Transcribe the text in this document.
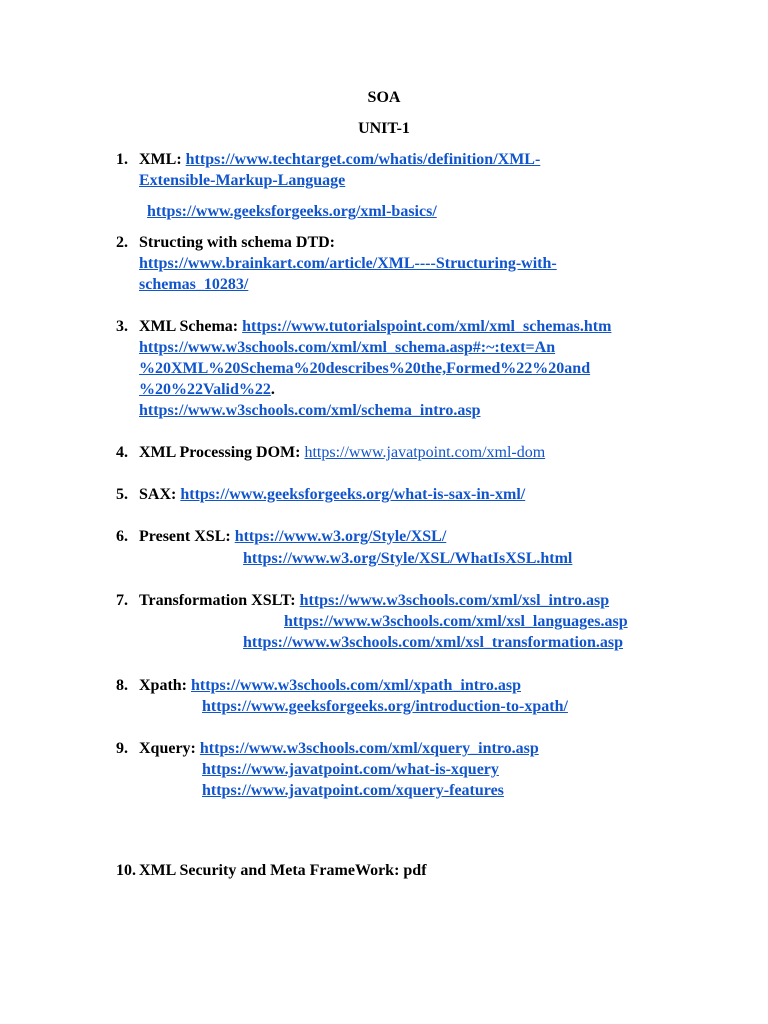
SOA
UNIT-1
1. XML: https://www.techtarget.com/whatis/definition/XML-
Extensible-Markup-Language
https://www.geeksforgeeks.org/xml-basics/
2. Structing with schema DTD:
https://www.brainkart.com/article/XML----Structuring-with-
schemas_10283/
3. XML Schema: https://www.tutorialspoint.com/xml/xml_schemas.htm
https://www.w3schools.com/xml/xml_schema.asp#:~:text=An
%20XML%20Schema%20describes%20the,Formed%22%20and
%20%22Valid%22.
https://www.w3schools.com/xml/schema_intro.asp
4. XML Processing DOM: https://www.javatpoint.com/xml-dom
5. SAX: https://www.geeksforgeeks.org/what-is-sax-in-xml/
6. Present XSL: https://www.w3.org/Style/XSL/
https://www.w3.org/Style/XSL/WhatIsXSL.html
7. Transformation XSLT: https://www.w3schools.com/xml/xsl_intro.asp
https://www.w3schools.com/xml/xsl_languages.asp
https://www.w3schools.com/xml/xsl_transformation.asp
8. Xpath: https://www.w3schools.com/xml/xpath_intro.asp
https://www.geeksforgeeks.org/introduction-to-xpath/
9. Xquery: https://www.w3schools.com/xml/xquery_intro.asp
https://www.javatpoint.com/what-is-xquery
https://www.javatpoint.com/xquery-features
10. XML Security and Meta FrameWork: pdf
